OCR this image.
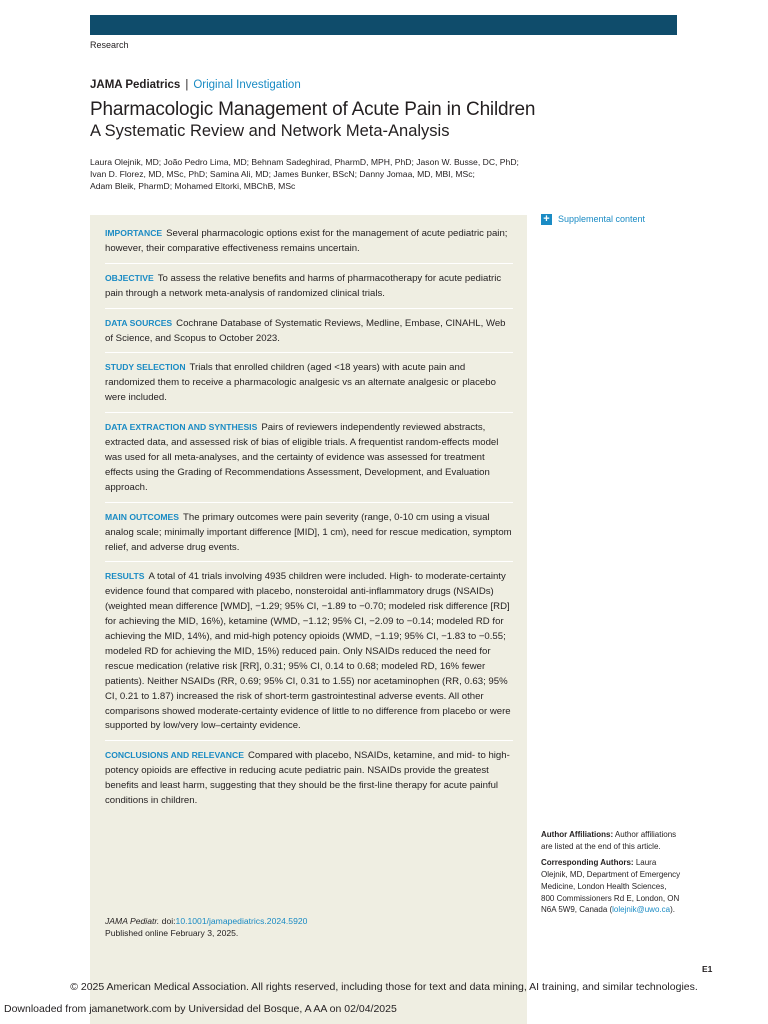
Research
JAMA Pediatrics | Original Investigation
Pharmacologic Management of Acute Pain in Children
A Systematic Review and Network Meta-Analysis
Laura Olejnik, MD; João Pedro Lima, MD; Behnam Sadeghirad, PharmD, MPH, PhD; Jason W. Busse, DC, PhD;
Ivan D. Florez, MD, MSc, PhD; Samina Ali, MD; James Bunker, BScN; Danny Jomaa, MD, MBI, MSc;
Adam Bleik, PharmD; Mohamed Eltorki, MBChB, MSc
IMPORTANCE Several pharmacologic options exist for the management of acute pediatric pain; however, their comparative effectiveness remains uncertain.
OBJECTIVE To assess the relative benefits and harms of pharmacotherapy for acute pediatric pain through a network meta-analysis of randomized clinical trials.
DATA SOURCES Cochrane Database of Systematic Reviews, Medline, Embase, CINAHL, Web of Science, and Scopus to October 2023.
STUDY SELECTION Trials that enrolled children (aged <18 years) with acute pain and randomized them to receive a pharmacologic analgesic vs an alternate analgesic or placebo were included.
DATA EXTRACTION AND SYNTHESIS Pairs of reviewers independently reviewed abstracts, extracted data, and assessed risk of bias of eligible trials. A frequentist random-effects model was used for all meta-analyses, and the certainty of evidence was assessed for treatment effects using the Grading of Recommendations Assessment, Development, and Evaluation approach.
MAIN OUTCOMES The primary outcomes were pain severity (range, 0-10 cm using a visual analog scale; minimally important difference [MID], 1 cm), need for rescue medication, symptom relief, and adverse drug events.
RESULTS A total of 41 trials involving 4935 children were included. High- to moderate-certainty evidence found that compared with placebo, nonsteroidal anti-inflammatory drugs (NSAIDs) (weighted mean difference [WMD], −1.29; 95% CI, −1.89 to −0.70; modeled risk difference [RD] for achieving the MID, 16%), ketamine (WMD, −1.12; 95% CI, −2.09 to −0.14; modeled RD for achieving the MID, 14%), and mid-high potency opioids (WMD, −1.19; 95% CI, −1.83 to −0.55; modeled RD for achieving the MID, 15%) reduced pain. Only NSAIDs reduced the need for rescue medication (relative risk [RR], 0.31; 95% CI, 0.14 to 0.68; modeled RD, 16% fewer patients). Neither NSAIDs (RR, 0.69; 95% CI, 0.31 to 1.55) nor acetaminophen (RR, 0.63; 95% CI, 0.21 to 1.87) increased the risk of short-term gastrointestinal adverse events. All other comparisons showed moderate-certainty evidence of little to no difference from placebo or were supported by low/very low–certainty evidence.
CONCLUSIONS AND RELEVANCE Compared with placebo, NSAIDs, ketamine, and mid- to high-potency opioids are effective in reducing acute pediatric pain. NSAIDs provide the greatest benefits and least harm, suggesting that they should be the first-line therapy for acute painful conditions in children.
JAMA Pediatr. doi:10.1001/jamapediatrics.2024.5920
Published online February 3, 2025.
+ Supplemental content
Author Affiliations: Author affiliations are listed at the end of this article.
Corresponding Authors: Laura Olejnik, MD, Department of Emergency Medicine, London Health Sciences, 800 Commissioners Rd E, London, ON N6A 5W9, Canada (lolejnik@uwo.ca).
E1
© 2025 American Medical Association. All rights reserved, including those for text and data mining, AI training, and similar technologies.
Downloaded from jamanetwork.com by Universidad del Bosque, A AA on 02/04/2025
